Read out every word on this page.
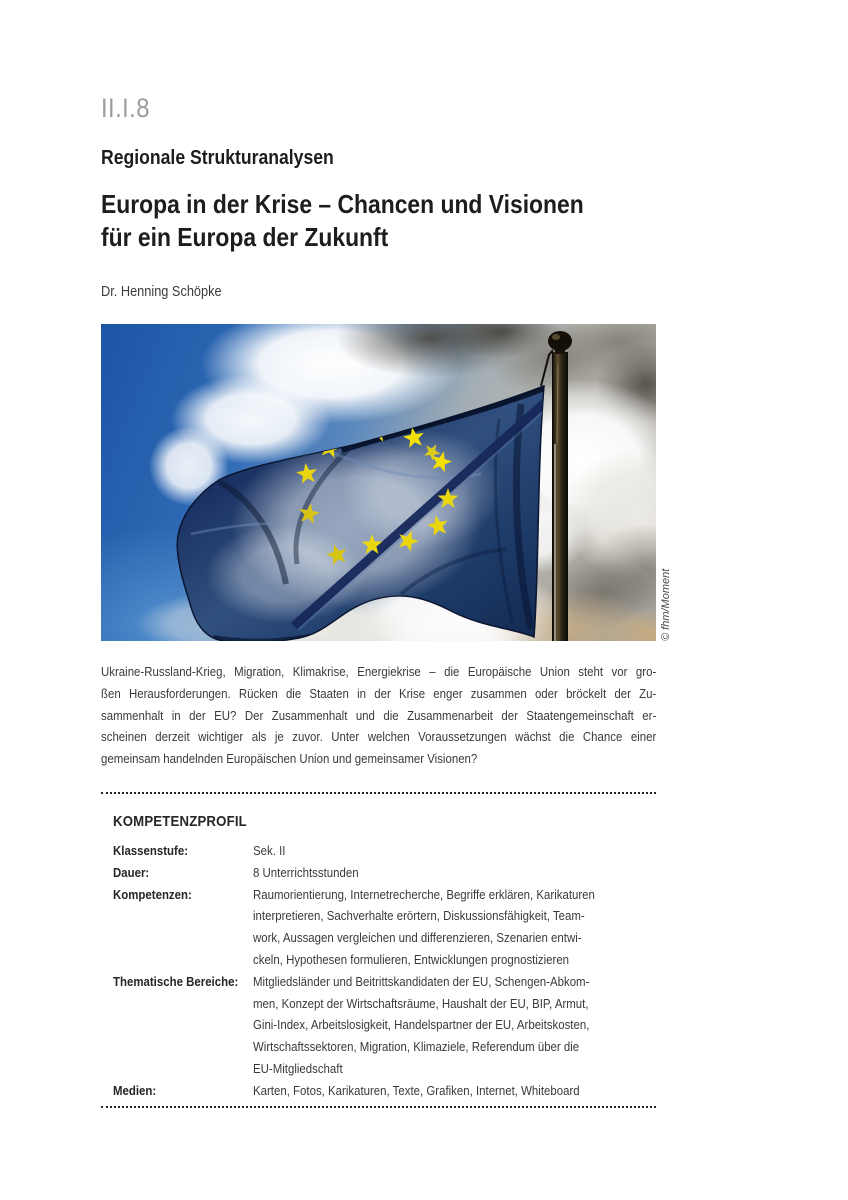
II.I.8
Regionale Strukturanalysen
Europa in der Krise – Chancen und Visionen
für ein Europa der Zukunft
Dr. Henning Schöpke
© fhm/Moment
Ukraine-Russland-Krieg, Migration, Klimakrise, Energiekrise – die Europäische Union steht vor gro-
ßen Herausforderungen. Rücken die Staaten in der Krise enger zusammen oder bröckelt der Zu-
sammenhalt in der EU? Der Zusammenhalt und die Zusammenarbeit der Staatengemeinschaft er-
scheinen derzeit wichtiger als je zuvor. Unter welchen Voraussetzungen wächst die Chance einer
gemeinsam handelnden Europäischen Union und gemeinsamer Visionen?
KOMPETENZPROFIL
Klassenstufe:	Sek. II
Dauer:	8 Unterrichtsstunden
Kompetenzen:	Raumorientierung, Internetrecherche, Begriffe erklären, Karikaturen
interpretieren, Sachverhalte erörtern, Diskussionsfähigkeit, Team-
work, Aussagen vergleichen und differenzieren, Szenarien entwi-
ckeln, Hypothesen formulieren, Entwicklungen prognostizieren
Thematische Bereiche:	Mitgliedsländer und Beitrittskandidaten der EU, Schengen-Abkom-
men, Konzept der Wirtschaftsräume, Haushalt der EU, BIP, Armut,
Gini-Index, Arbeitslosigkeit, Handelspartner der EU, Arbeitskosten,
Wirtschaftssektoren, Migration, Klimaziele, Referendum über die
EU-Mitgliedschaft
Medien:	Karten, Fotos, Karikaturen, Texte, Grafiken, Internet, Whiteboard
